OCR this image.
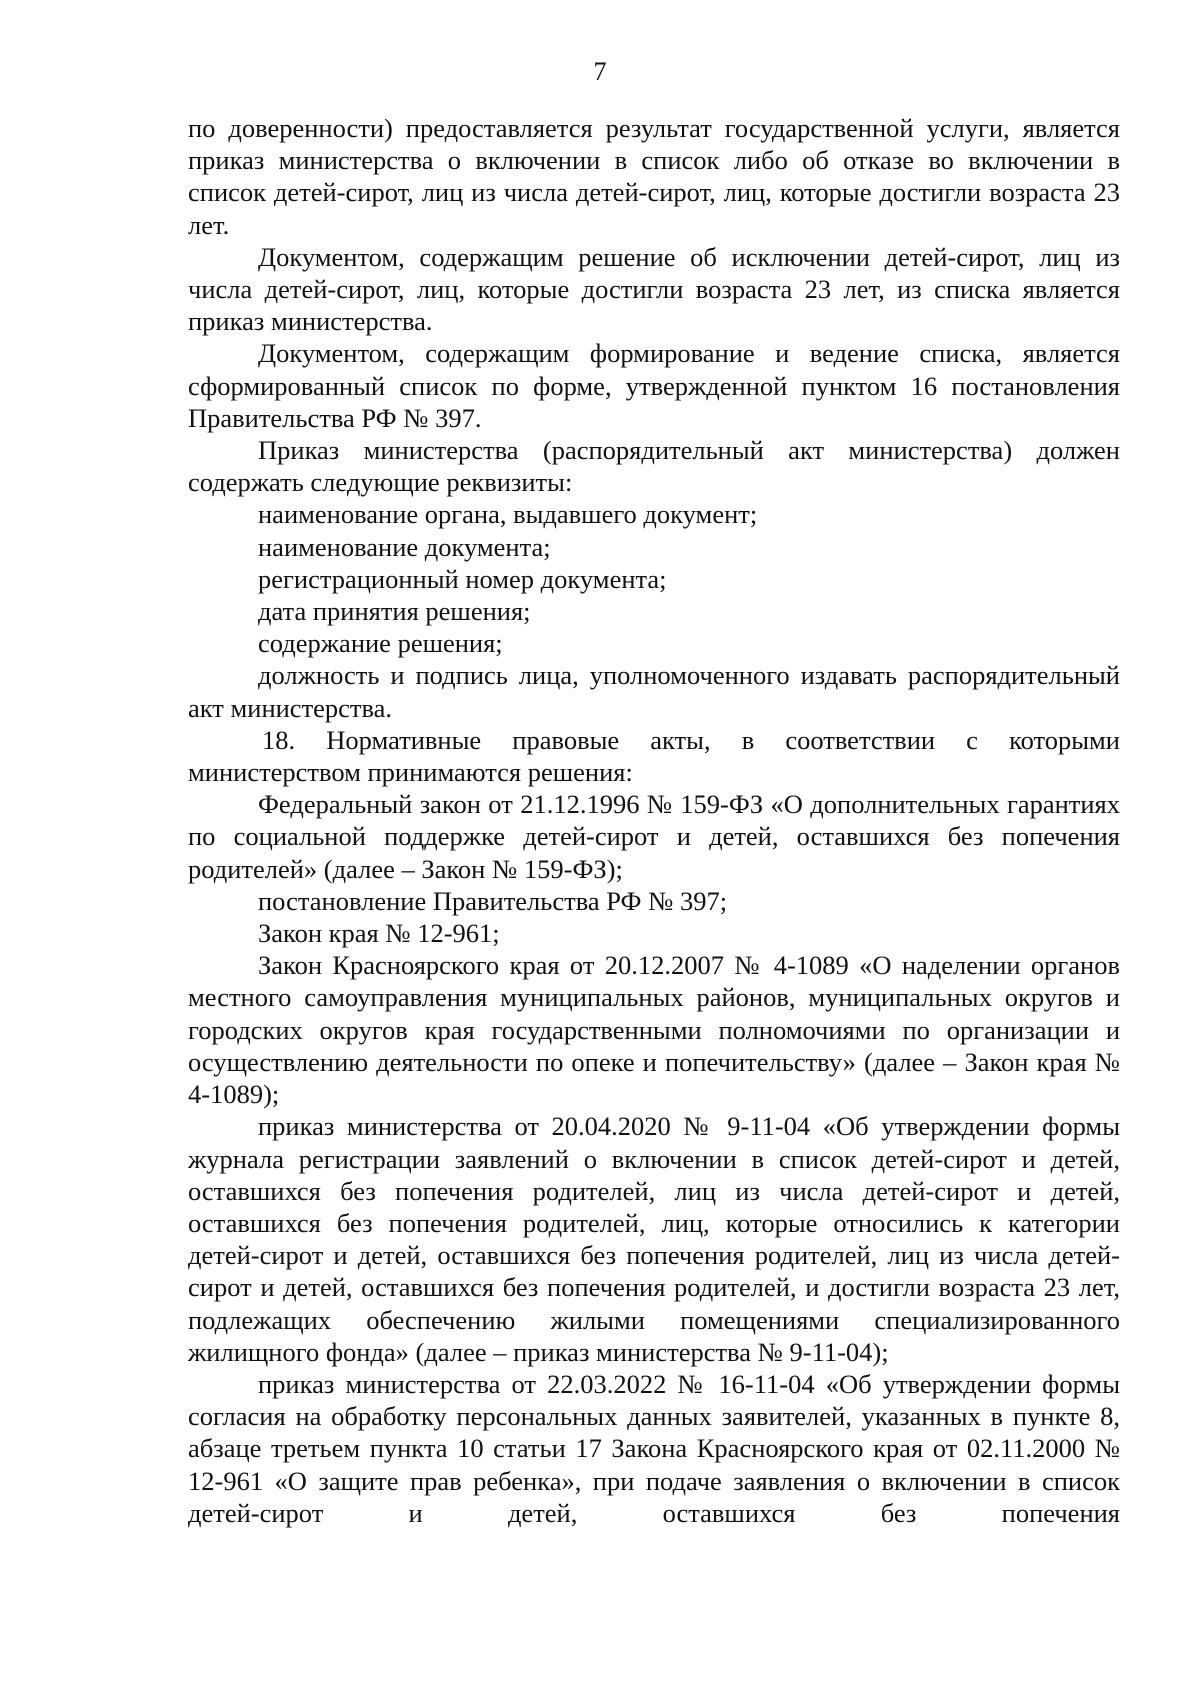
7

по доверенности) предоставляется результат государственной услуги, является приказ министерства о включении в список либо об отказе во включении в список детей-сирот, лиц из числа детей-сирот, лиц, которые достигли возраста 23 лет.

Документом, содержащим решение об исключении детей-сирот, лиц из числа детей-сирот, лиц, которые достигли возраста 23 лет, из списка является приказ министерства.

Документом, содержащим формирование и ведение списка, является сформированный список по форме, утвержденной пунктом 16 постановления Правительства РФ № 397.

Приказ министерства (распорядительный акт министерства) должен содержать следующие реквизиты:

наименование органа, выдавшего документ;

наименование документа;

регистрационный номер документа;

дата принятия решения;

содержание решения;

должность и подпись лица, уполномоченного издавать распорядительный акт министерства.

18. Нормативные правовые акты, в соответствии с которыми министерством принимаются решения:

Федеральный закон от 21.12.1996 № 159-ФЗ «О дополнительных гарантиях по социальной поддержке детей-сирот и детей, оставшихся без попечения родителей» (далее – Закон № 159-ФЗ);

постановление Правительства РФ № 397;

Закон края № 12-961;

Закон Красноярского края от 20.12.2007 № 4-1089 «О наделении органов местного самоуправления муниципальных районов, муниципальных округов и городских округов края государственными полномочиями по организации и осуществлению деятельности по опеке и попечительству» (далее – Закон края № 4-1089);

приказ министерства от 20.04.2020 № 9-11-04 «Об утверждении формы журнала регистрации заявлений о включении в список детей-сирот и детей, оставшихся без попечения родителей, лиц из числа детей-сирот и детей, оставшихся без попечения родителей, лиц, которые относились к категории детей-сирот и детей, оставшихся без попечения родителей, лиц из числа детей-сирот и детей, оставшихся без попечения родителей, и достигли возраста 23 лет, подлежащих обеспечению жилыми помещениями специализированного жилищного фонда» (далее – приказ министерства № 9-11-04);

приказ министерства от 22.03.2022 № 16-11-04 «Об утверждении формы согласия на обработку персональных данных заявителей, указанных в пункте 8, абзаце третьем пункта 10 статьи 17 Закона Красноярского края от 02.11.2000 № 12-961 «О защите прав ребенка», при подаче заявления о включении в список детей-сирот и детей, оставшихся без попечения
